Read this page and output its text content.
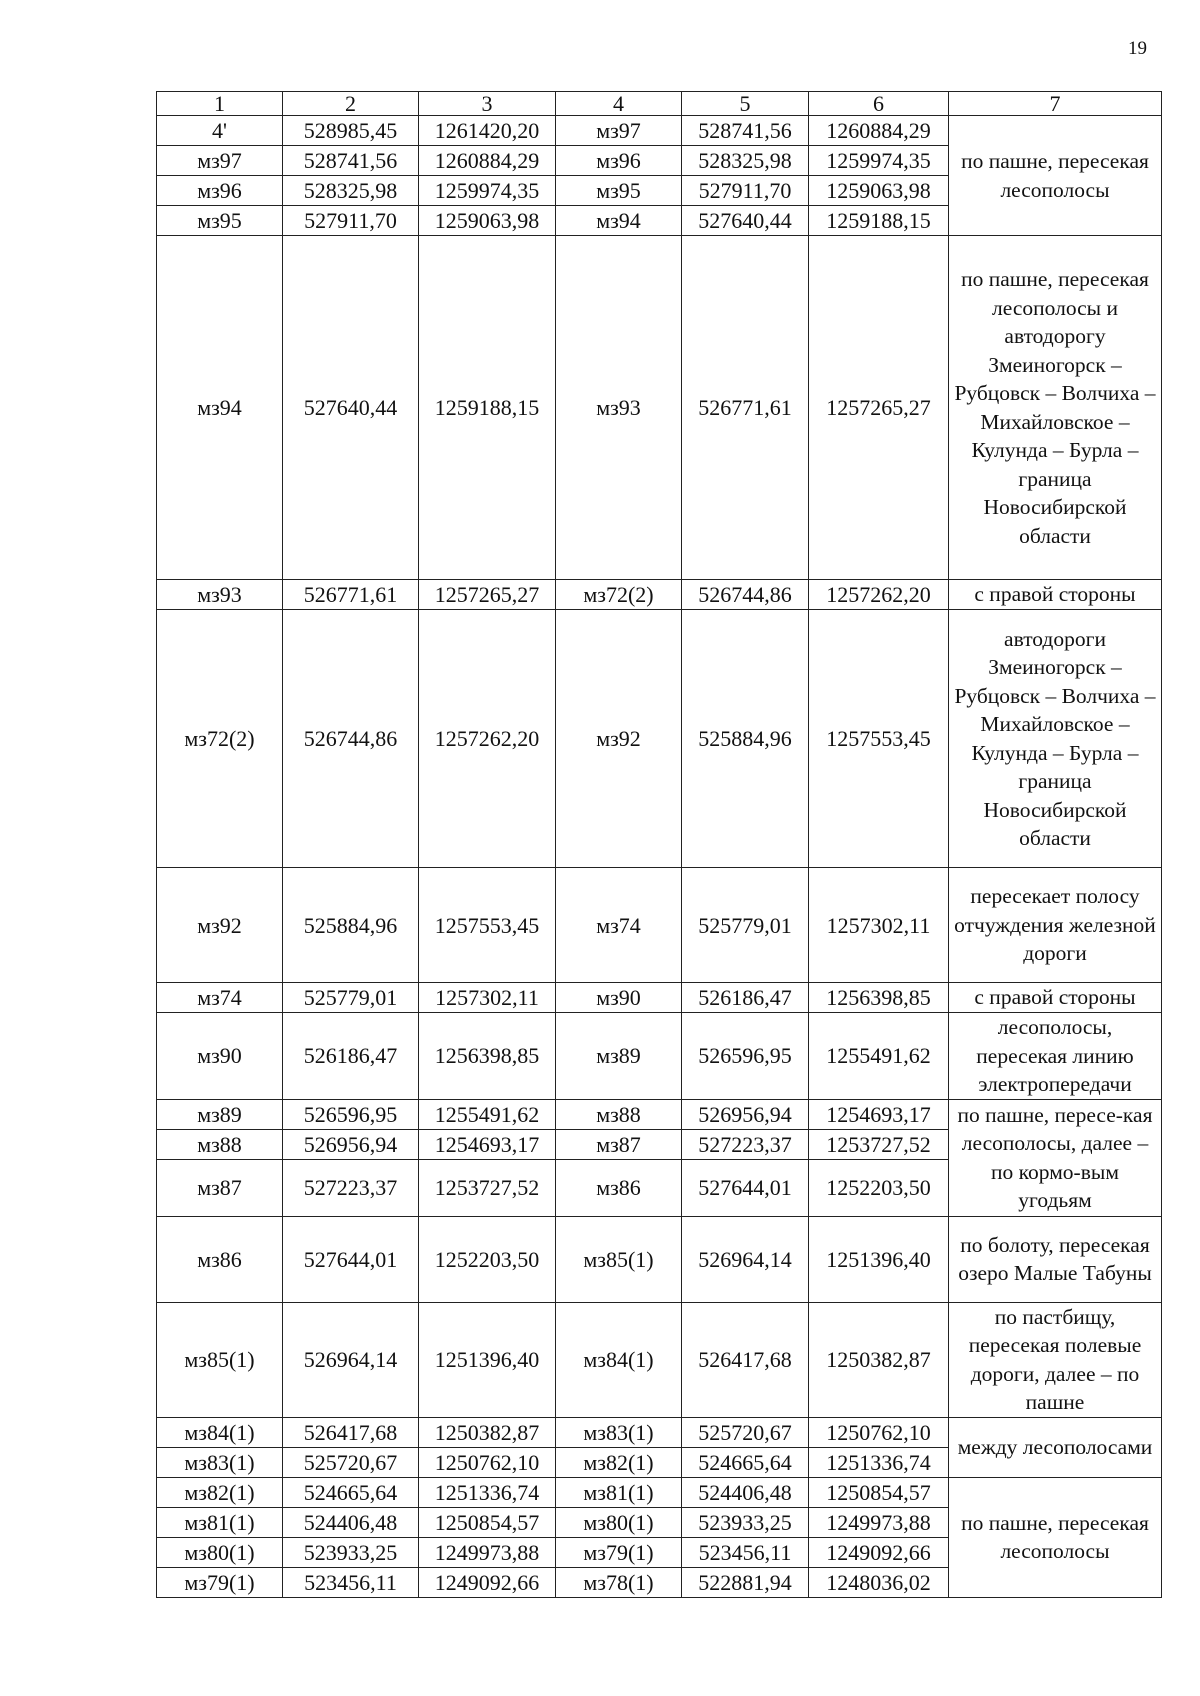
19
1	2	3	4	5	6	7
4'	528985,45	1261420,20	мз97	528741,56	1260884,29	по пашне, пересекая лесополосы
мз97	528741,56	1260884,29	мз96	528325,98	1259974,35	
мз96	528325,98	1259974,35	мз95	527911,70	1259063,98	
мз95	527911,70	1259063,98	мз94	527640,44	1259188,15	
мз94	527640,44	1259188,15	мз93	526771,61	1257265,27	по пашне, пересекая лесополосы и автодорогу Змеиногорск – Рубцовск – Волчиха – Михайловское – Кулунда – Бурла – граница Новосибирской области
мз93	526771,61	1257265,27	мз72(2)	526744,86	1257262,20	с правой стороны
мз72(2)	526744,86	1257262,20	мз92	525884,96	1257553,45	автодороги Змеиногорск – Рубцовск – Волчиха – Михайловское – Кулунда – Бурла – граница Новосибирской области
мз92	525884,96	1257553,45	мз74	525779,01	1257302,11	пересекает полосу отчуждения железной дороги
мз74	525779,01	1257302,11	мз90	526186,47	1256398,85	с правой стороны
мз90	526186,47	1256398,85	мз89	526596,95	1255491,62	лесополосы, пересекая линию электропередачи
мз89	526596,95	1255491,62	мз88	526956,94	1254693,17	по пашне, пересе-кая лесополосы, далее – по кормо-вым угодьям
мз88	526956,94	1254693,17	мз87	527223,37	1253727,52	
мз87	527223,37	1253727,52	мз86	527644,01	1252203,50	
мз86	527644,01	1252203,50	мз85(1)	526964,14	1251396,40	по болоту, пересекая озеро Малые Табуны
мз85(1)	526964,14	1251396,40	мз84(1)	526417,68	1250382,87	по пастбищу, пересекая полевые дороги, далее – по пашне
мз84(1)	526417,68	1250382,87	мз83(1)	525720,67	1250762,10	между лесополосами
мз83(1)	525720,67	1250762,10	мз82(1)	524665,64	1251336,74	
мз82(1)	524665,64	1251336,74	мз81(1)	524406,48	1250854,57	по пашне, пересекая лесополосы
мз81(1)	524406,48	1250854,57	мз80(1)	523933,25	1249973,88	
мз80(1)	523933,25	1249973,88	мз79(1)	523456,11	1249092,66	
мз79(1)	523456,11	1249092,66	мз78(1)	522881,94	1248036,02	
